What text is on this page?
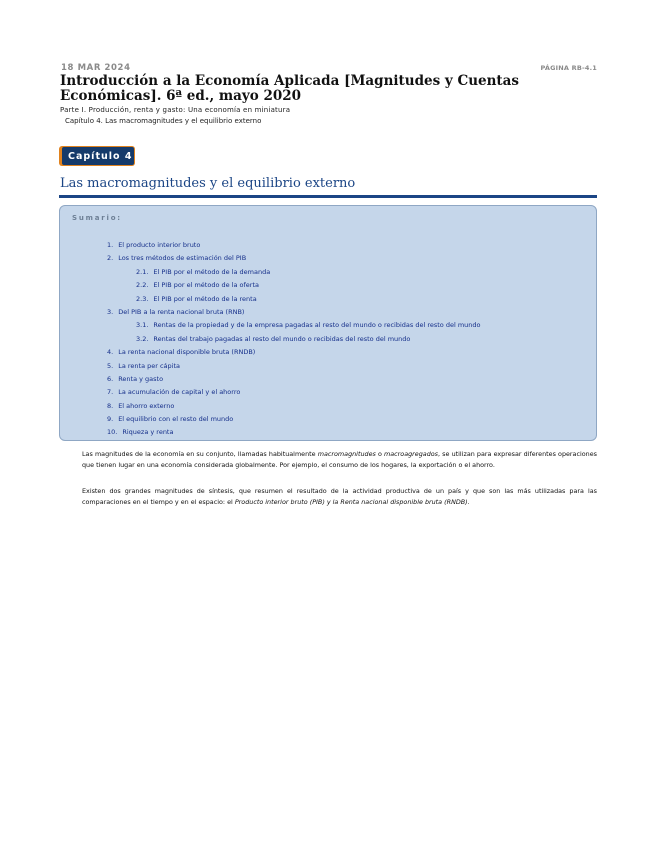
18 MAR 2024	PÁGINA RB-4.1
Introducción a la Economía Aplicada [Magnitudes y Cuentas Económicas]. 6ª ed., mayo 2020
Parte I. Producción, renta y gasto: Una economía en miniatura
Capítulo 4. Las macromagnitudes y el equilibrio externo
Capítulo 4
Las macromagnitudes y el equilibrio externo
Sumario:
1. El producto interior bruto
2. Los tres métodos de estimación del PIB
2.1. El PIB por el método de la demanda
2.2. El PIB por el método de la oferta
2.3. El PIB por el método de la renta
3. Del PIB a la renta nacional bruta (RNB)
3.1. Rentas de la propiedad y de la empresa pagadas al resto del mundo o recibidas del resto del mundo
3.2. Rentas del trabajo pagadas al resto del mundo o recibidas del resto del mundo
4. La renta nacional disponible bruta (RNDB)
5. La renta per cápita
6. Renta y gasto
7. La acumulación de capital y el ahorro
8. El ahorro externo
9. El equilibrio con el resto del mundo
10. Riqueza y renta
Las magnitudes de la economía en su conjunto, llamadas habitualmente macromagnitudes o macroagregados, se utilizan para expresar diferentes operaciones que tienen lugar en una economía considerada globalmente. Por ejemplo, el consumo de los hogares, la exportación o el ahorro.
Existen dos grandes magnitudes de síntesis, que resumen el resultado de la actividad productiva de un país y que son las más utilizadas para las comparaciones en el tiempo y en el espacio: el Producto interior bruto (PIB) y la Renta nacional disponible bruta (RNDB).
